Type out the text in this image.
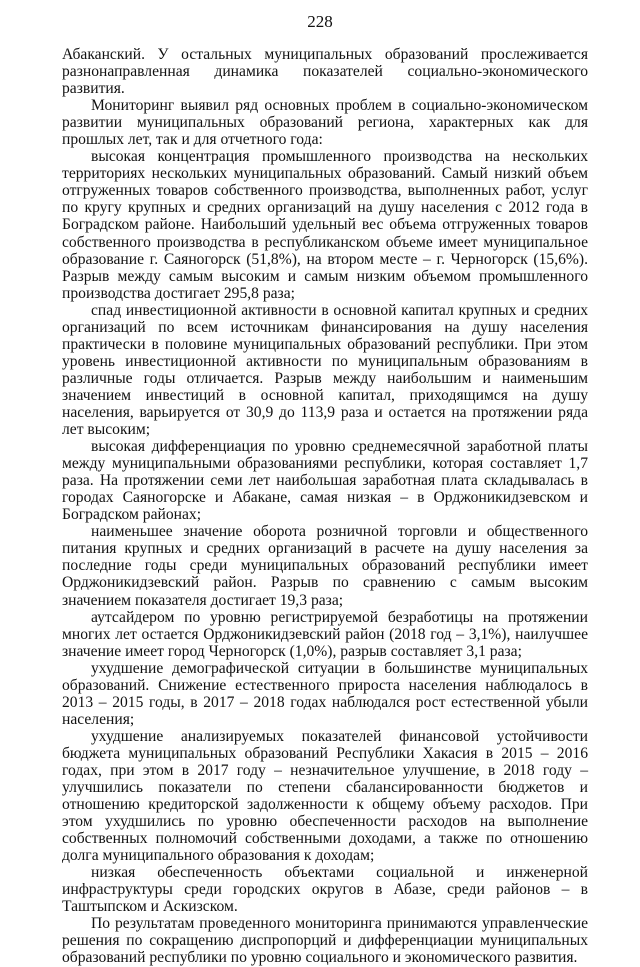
228

Абаканский. У остальных муниципальных образований прослеживается разнонаправленная динамика показателей социально-экономического развития.

Мониторинг выявил ряд основных проблем в социально-экономическом развитии муниципальных образований региона, характерных как для прошлых лет, так и для отчетного года:

высокая концентрация промышленного производства на нескольких территориях нескольких муниципальных образований. Самый низкий объем отгруженных товаров собственного производства, выполненных работ, услуг по кругу крупных и средних организаций на душу населения с 2012 года в Боградском районе. Наибольший удельный вес объема отгруженных товаров собственного производства в республиканском объеме имеет муниципальное образование г. Саяногорск (51,8%), на втором месте – г. Черногорск (15,6%). Разрыв между самым высоким и самым низким объемом промышленного производства достигает 295,8 раза;

спад инвестиционной активности в основной капитал крупных и средних организаций по всем источникам финансирования на душу населения практически в половине муниципальных образований республики. При этом уровень инвестиционной активности по муниципальным образованиям в различные годы отличается. Разрыв между наибольшим и наименьшим значением инвестиций в основной капитал, приходящимся на душу населения, варьируется от 30,9 до 113,9 раза и остается на протяжении ряда лет высоким;

высокая дифференциация по уровню среднемесячной заработной платы между муниципальными образованиями республики, которая составляет 1,7 раза. На протяжении семи лет наибольшая заработная плата складывалась в городах Саяногорске и Абакане, самая низкая – в Орджоникидзевском и Боградском районах;

наименьшее значение оборота розничной торговли и общественного питания крупных и средних организаций в расчете на душу населения за последние годы среди муниципальных образований республики имеет Орджоникидзевский район. Разрыв по сравнению с самым высоким значением показателя достигает 19,3 раза;

аутсайдером по уровню регистрируемой безработицы на протяжении многих лет остается Орджоникидзевский район (2018 год – 3,1%), наилучшее значение имеет город Черногорск (1,0%), разрыв составляет 3,1 раза;

ухудшение демографической ситуации в большинстве муниципальных образований. Снижение естественного прироста населения наблюдалось в 2013 – 2015 годы, в 2017 – 2018 годах наблюдался рост естественной убыли населения;

ухудшение анализируемых показателей финансовой устойчивости бюджета муниципальных образований Республики Хакасия в 2015 – 2016 годах, при этом в 2017 году – незначительное улучшение, в 2018 году – улучшились показатели по степени сбалансированности бюджетов и отношению кредиторской задолженности к общему объему расходов. При этом ухудшились по уровню обеспеченности расходов на выполнение собственных полномочий собственными доходами, а также по отношению долга муниципального образования к доходам;

низкая обеспеченность объектами социальной и инженерной инфраструктуры среди городских округов в Абазе, среди районов – в Таштыпском и Аскизском.

По результатам проведенного мониторинга принимаются управленческие решения по сокращению диспропорций и дифференциации муниципальных образований республики по уровню социального и экономического развития.
